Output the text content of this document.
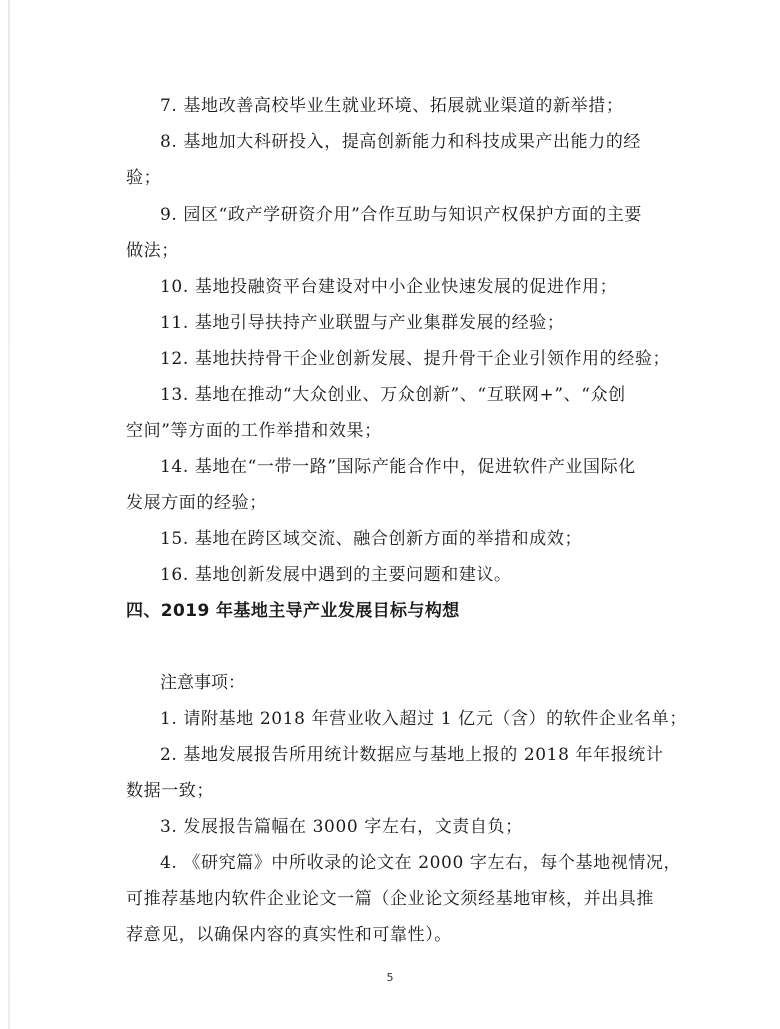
7. 基地改善高校毕业生就业环境、拓展就业渠道的新举措；
8. 基地加大科研投入，提高创新能力和科技成果产出能力的经
验；
9. 园区“政产学研资介用”合作互助与知识产权保护方面的主要
做法；
10. 基地投融资平台建设对中小企业快速发展的促进作用；
11. 基地引导扶持产业联盟与产业集群发展的经验；
12. 基地扶持骨干企业创新发展、提升骨干企业引领作用的经验；
13. 基地在推动“大众创业、万众创新”、“互联网+”、“众创
空间”等方面的工作举措和效果；
14. 基地在“一带一路”国际产能合作中，促进软件产业国际化
发展方面的经验；
15. 基地在跨区域交流、融合创新方面的举措和成效；
16. 基地创新发展中遇到的主要问题和建议。
四、2019 年基地主导产业发展目标与构想
注意事项：
1. 请附基地 2018 年营业收入超过 1 亿元（含）的软件企业名单；
2. 基地发展报告所用统计数据应与基地上报的 2018 年年报统计
数据一致；
3. 发展报告篇幅在 3000 字左右，文责自负；
4. 《研究篇》中所收录的论文在 2000 字左右，每个基地视情况，
可推荐基地内软件企业论文一篇（企业论文须经基地审核，并出具推
荐意见，以确保内容的真实性和可靠性）。
5
